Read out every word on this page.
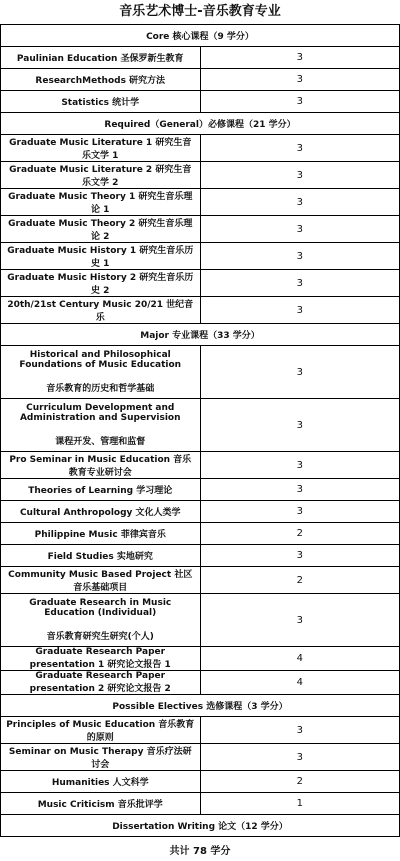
音乐艺术博士-音乐教育专业
Core 核心课程（9 学分）	
Paulinian Education 圣保罗新生教育	3
ResearchMethods 研究方法	3
Statistics 统计学	3
Required（General）必修课程（21 学分）	
Graduate Music Literature 1 研究生音乐文学 1	3
Graduate Music Literature 2 研究生音乐文学 2	3
Graduate Music Theory 1 研究生音乐理论 1	3
Graduate Music Theory 2 研究生音乐理论 2	3
Graduate Music History 1 研究生音乐历史 1	3
Graduate Music History 2 研究生音乐历史 2	3
20th/21st Century Music 20/21 世纪音乐	3
Major 专业课程（33 学分）	

Historical and Philosophical Foundations of Music Education
音乐教育的历史和哲学基础	3

Curriculum Development and Administration and Supervision
课程开发、管理和监督	3
Pro Seminar in Music Education 音乐教育专业研讨会	3
Theories of Learning 学习理论	3
Cultural Anthropology 文化人类学	3
Philippine Music 菲律宾音乐	2
Field Studies 实地研究	3
Community Music Based Project 社区音乐基础项目	2

Graduate Research in Music Education (Individual)
音乐教育研究生研究(个人)	3
Graduate Research Paper presentation 1 研究论文报告 1	4
Graduate Research Paper presentation 2 研究论文报告 2	4
Possible Electives 选修课程（3 学分）	
Principles of Music Education 音乐教育的原则	3
Seminar on Music Therapy 音乐疗法研讨会	3
Humanities 人文科学	2
Music Criticism 音乐批评学	1
Dissertation Writing 论文（12 学分）	
共计 78 学分	
